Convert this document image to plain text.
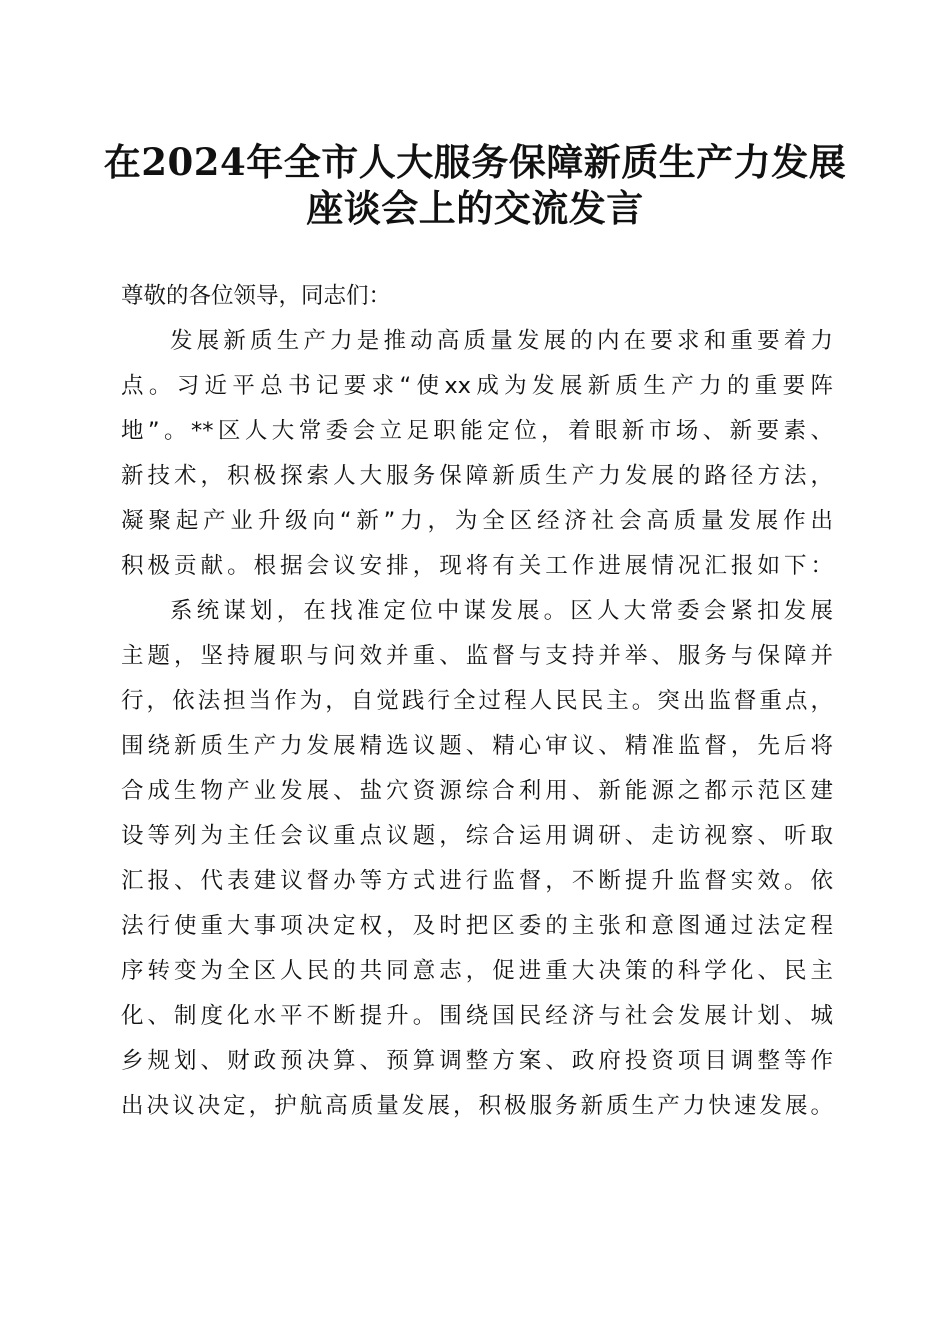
在2024年全市人大服务保障新质生产力发展
座谈会上的交流发言
尊敬的各位领导，同志们：
发展新质生产力是推动高质量发展的内在要求和重要着力
点。习近平总书记要求“使xx成为发展新质生产力的重要阵
地”。**区人大常委会立足职能定位，着眼新市场、新要素、
新技术，积极探索人大服务保障新质生产力发展的路径方法，
凝聚起产业升级向“新”力，为全区经济社会高质量发展作出
积极贡献。根据会议安排，现将有关工作进展情况汇报如下：
系统谋划，在找准定位中谋发展。区人大常委会紧扣发展
主题，坚持履职与问效并重、监督与支持并举、服务与保障并
行，依法担当作为，自觉践行全过程人民民主。突出监督重点，
围绕新质生产力发展精选议题、精心审议、精准监督，先后将
合成生物产业发展、盐穴资源综合利用、新能源之都示范区建
设等列为主任会议重点议题，综合运用调研、走访视察、听取
汇报、代表建议督办等方式进行监督，不断提升监督实效。依
法行使重大事项决定权，及时把区委的主张和意图通过法定程
序转变为全区人民的共同意志，促进重大决策的科学化、民主
化、制度化水平不断提升。围绕国民经济与社会发展计划、城
乡规划、财政预决算、预算调整方案、政府投资项目调整等作
出决议决定，护航高质量发展，积极服务新质生产力快速发展。
